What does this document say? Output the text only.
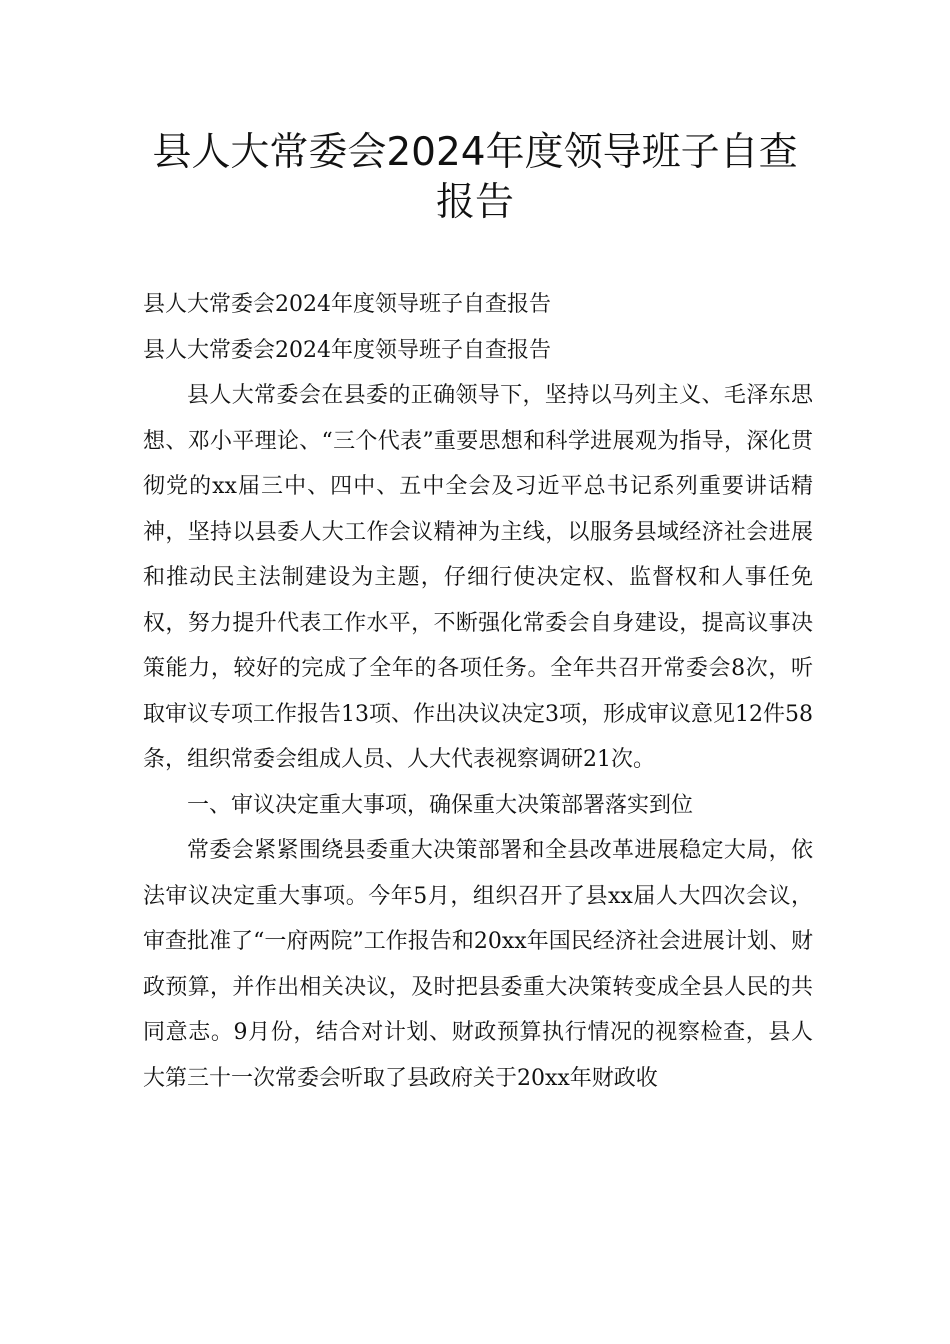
县人大常委会2024年度领导班子自查
报告

县人大常委会2024年度领导班子自查报告

县人大常委会2024年度领导班子自查报告

县人大常委会在县委的正确领导下，坚持以马列主义、毛泽东思想、邓小平理论、“三个代表”重要思想和科学进展观为指导，深化贯彻党的xx届三中、四中、五中全会及习近平总书记系列重要讲话精神，坚持以县委人大工作会议精神为主线，以服务县域经济社会进展和推动民主法制建设为主题，仔细行使决定权、监督权和人事任免权，努力提升代表工作水平，不断强化常委会自身建设，提高议事决策能力，较好的完成了全年的各项任务。全年共召开常委会8次，听取审议专项工作报告13项、作出决议决定3项，形成审议意见12件58条，组织常委会组成人员、人大代表视察调研21次。

一、审议决定重大事项，确保重大决策部署落实到位

常委会紧紧围绕县委重大决策部署和全县改革进展稳定大局，依法审议决定重大事项。今年5月，组织召开了县xx届人大四次会议，审查批准了“一府两院”工作报告和20xx年国民经济社会进展计划、财政预算，并作出相关决议，及时把县委重大决策转变成全县人民的共同意志。9月份，结合对计划、财政预算执行情况的视察检查，县人大第三十一次常委会听取了县政府关于20xx年财政收
